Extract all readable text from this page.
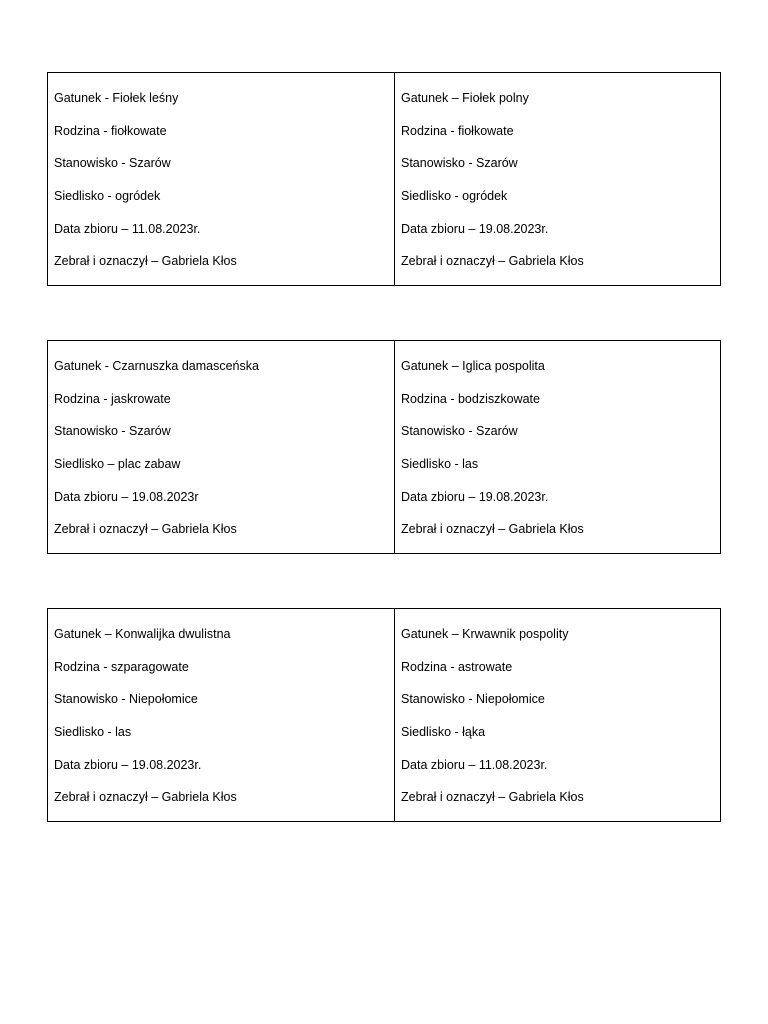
Gatunek - Fiołek leśny
Rodzina - fiołkowate
Stanowisko - Szarów
Siedlisko - ogródek
Data zbioru – 11.08.2023r.
Zebrał i oznaczył – Gabriela Kłos
Gatunek – Fiołek polny
Rodzina - fiołkowate
Stanowisko - Szarów
Siedlisko - ogródek
Data zbioru – 19.08.2023r.
Zebrał i oznaczył – Gabriela Kłos
Gatunek - Czarnuszka damasceńska
Rodzina - jaskrowate
Stanowisko - Szarów
Siedlisko – plac zabaw
Data zbioru – 19.08.2023r
Zebrał i oznaczył – Gabriela Kłos
Gatunek – Iglica pospolita
Rodzina - bodziszkowate
Stanowisko - Szarów
Siedlisko - las
Data zbioru – 19.08.2023r.
Zebrał i oznaczył – Gabriela Kłos
Gatunek – Konwalijka dwulistna
Rodzina - szparagowate
Stanowisko - Niepołomice
Siedlisko - las
Data zbioru – 19.08.2023r.
Zebrał i oznaczył – Gabriela Kłos
Gatunek – Krwawnik pospolity
Rodzina - astrowate
Stanowisko - Niepołomice
Siedlisko - łąka
Data zbioru – 11.08.2023r.
Zebrał i oznaczył – Gabriela Kłos
